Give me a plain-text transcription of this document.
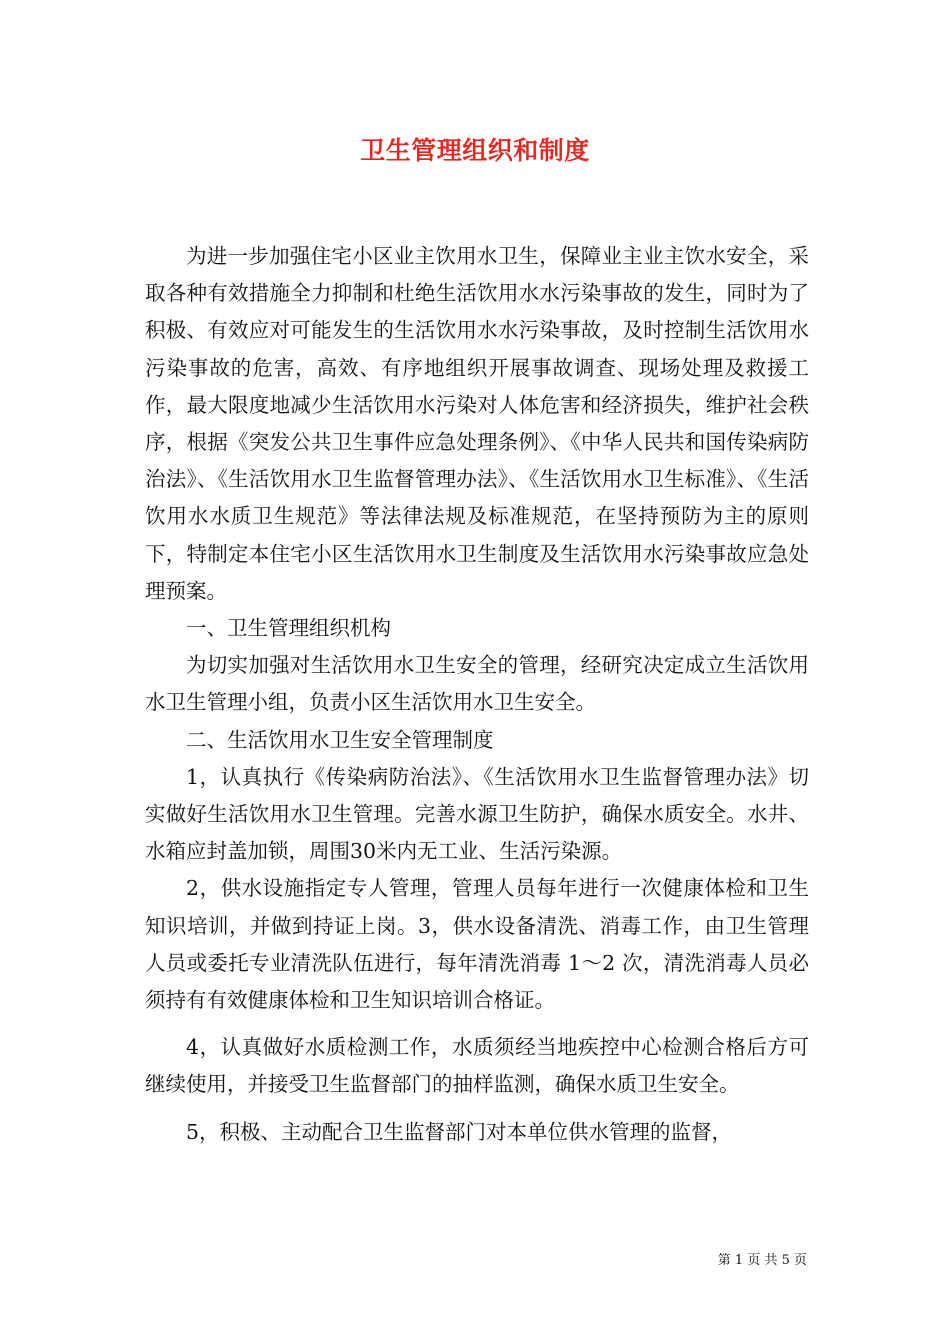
卫生管理组织和制度

为进一步加强住宅小区业主饮用水卫生，保障业主业主饮水安全，采取各种有效措施全力抑制和杜绝生活饮用水水污染事故的发生，同时为了积极、有效应对可能发生的生活饮用水水污染事故，及时控制生活饮用水污染事故的危害，高效、有序地组织开展事故调查、现场处理及救援工作，最大限度地减少生活饮用水污染对人体危害和经济损失，维护社会秩序，根据《突发公共卫生事件应急处理条例》、《中华人民共和国传染病防治法》、《生活饮用水卫生监督管理办法》、《生活饮用水卫生标准》、《生活饮用水水质卫生规范》等法律法规及标准规范，在坚持预防为主的原则下，特制定本住宅小区生活饮用水卫生制度及生活饮用水污染事故应急处理预案。

一、卫生管理组织机构

为切实加强对生活饮用水卫生安全的管理，经研究决定成立生活饮用水卫生管理小组，负责小区生活饮用水卫生安全。

二、生活饮用水卫生安全管理制度

1，认真执行《传染病防治法》、《生活饮用水卫生监督管理办法》切实做好生活饮用水卫生管理。完善水源卫生防护，确保水质安全。水井、水箱应封盖加锁，周围30米内无工业、生活污染源。

2，供水设施指定专人管理，管理人员每年进行一次健康体检和卫生知识培训，并做到持证上岗。3，供水设备清洗、消毒工作，由卫生管理人员或委托专业清洗队伍进行，每年清洗消毒 1～2 次，清洗消毒人员必须持有有效健康体检和卫生知识培训合格证。

4，认真做好水质检测工作，水质须经当地疾控中心检测合格后方可继续使用，并接受卫生监督部门的抽样监测，确保水质卫生安全。

5，积极、主动配合卫生监督部门对本单位供水管理的监督，

第 1 页 共 5 页
